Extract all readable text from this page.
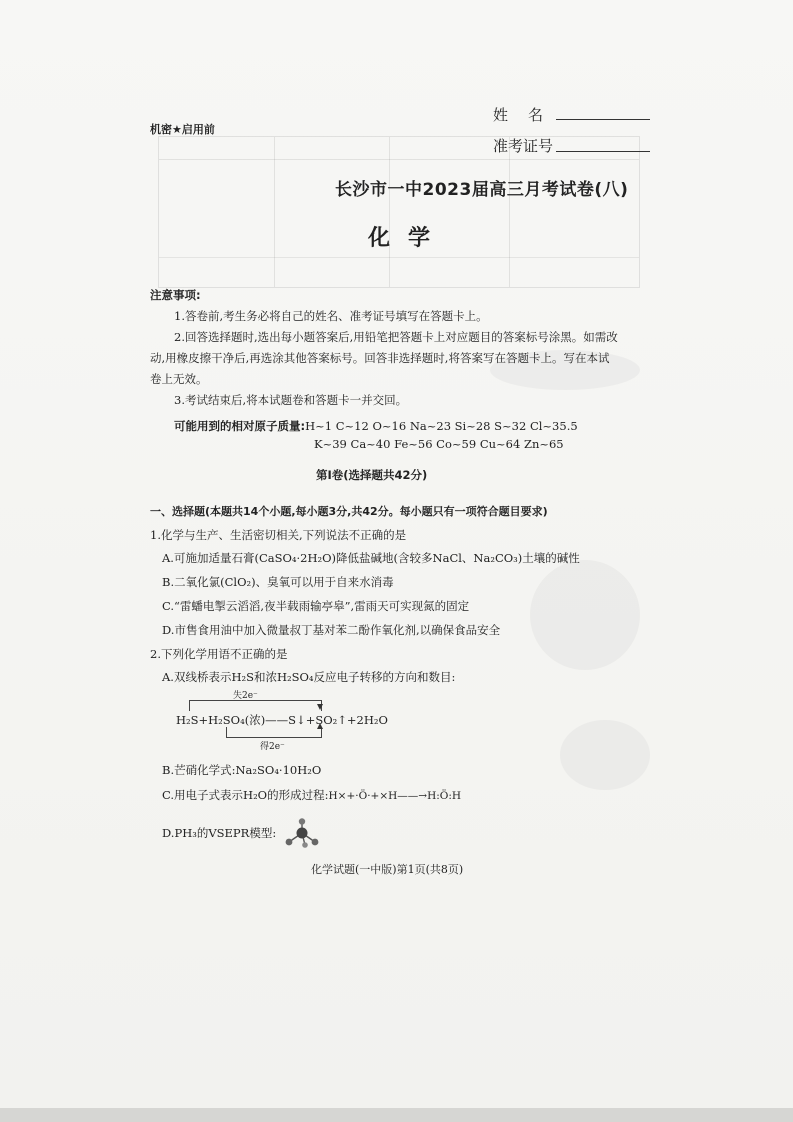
机密★启用前
姓名
准考证号
长沙市一中2023届高三月考试卷(八)
化学
注意事项:
1.答卷前,考生务必将自己的姓名、准考证号填写在答题卡上。
2.回答选择题时,选出每小题答案后,用铅笔把答题卡上对应题目的答案标号涂黑。如需改
动,用橡皮擦干净后,再选涂其他答案标号。回答非选择题时,将答案写在答题卡上。写在本试
卷上无效。
3.考试结束后,将本试题卷和答题卡一并交回。
可能用到的相对原子质量:H~1 C~12 O~16 Na~23 Si~28 S~32 Cl~35.5
K~39 Ca~40 Fe~56 Co~59 Cu~64 Zn~65
第Ⅰ卷(选择题共42分)
一、选择题(本题共14个小题,每小题3分,共42分。每小题只有一项符合题目要求)
1.化学与生产、生活密切相关,下列说法不正确的是
A.可施加适量石膏(CaSO₄·2H₂O)降低盐碱地(含较多NaCl、Na₂CO₃)土壤的碱性
B.二氧化氯(ClO₂)、臭氧可以用于自来水消毒
C.“雷蟠电掣云滔滔,夜半载雨输亭皋”,雷雨天可实现氮的固定
D.市售食用油中加入微量叔丁基对苯二酚作氧化剂,以确保食品安全
2.下列化学用语不正确的是
A.双线桥表示H₂S和浓H₂SO₄反应电子转移的方向和数目:
失2e⁻
H₂S+H₂SO₄(浓)——S↓+SO₂↑+2H₂O
得2e⁻
B.芒硝化学式:Na₂SO₄·10H₂O
C.用电子式表示H₂O的形成过程:H×+·Ö·+×H——→H:Ö:H
D.PH₃的VSEPR模型:
化学试题(一中版)第1页(共8页)
